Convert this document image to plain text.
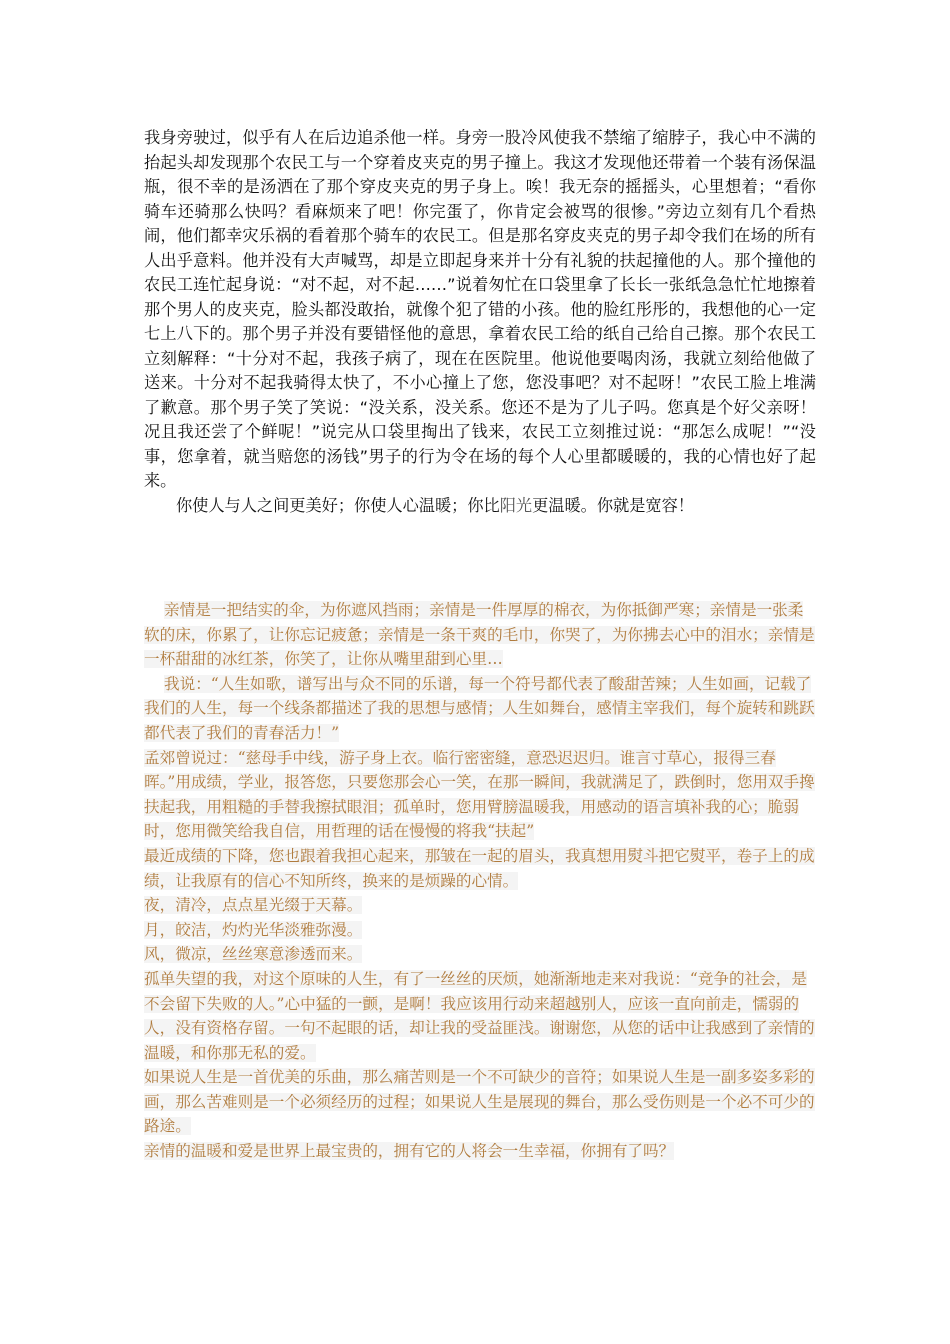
我身旁驶过，似乎有人在后边追杀他一样。身旁一股冷风使我不禁缩了缩脖子，我心中不满的抬起头却发现那个农民工与一个穿着皮夹克的男子撞上。我这才发现他还带着一个装有汤保温瓶，很不幸的是汤洒在了那个穿皮夹克的男子身上。唉！我无奈的摇摇头，心里想着；“看你骑车还骑那么快吗？看麻烦来了吧！你完蛋了，你肯定会被骂的很惨。”旁边立刻有几个看热闹，他们都幸灾乐祸的看着那个骑车的农民工。但是那名穿皮夹克的男子却令我们在场的所有人出乎意料。他并没有大声喊骂，却是立即起身来并十分有礼貌的扶起撞他的人。那个撞他的农民工连忙起身说：“对不起，对不起……”说着匆忙在口袋里拿了长长一张纸急急忙忙地擦着那个男人的皮夹克，脸头都没敢抬，就像个犯了错的小孩。他的脸红彤彤的，我想他的心一定七上八下的。那个男子并没有要错怪他的意思，拿着农民工给的纸自己给自己擦。那个农民工立刻解释：“十分对不起，我孩子病了，现在在医院里。他说他要喝肉汤，我就立刻给他做了送来。十分对不起我骑得太快了，不小心撞上了您，您没事吧？对不起呀！”农民工脸上堆满了歉意。那个男子笑了笑说：“没关系，没关系。您还不是为了儿子吗。您真是个好父亲呀！况且我还尝了个鲜呢！”说完从口袋里掏出了钱来，农民工立刻推过说：“那怎么成呢！”“没事，您拿着，就当赔您的汤钱”男子的行为令在场的每个人心里都暖暖的，我的心情也好了起来。

你使人与人之间更美好；你使人心温暖；你比阳光更温暖。你就是宽容！

亲情是一把结实的伞，为你遮风挡雨；亲情是一件厚厚的棉衣，为你抵御严寒；亲情是一张柔软的床，你累了，让你忘记疲惫；亲情是一条干爽的毛巾，你哭了，为你拂去心中的泪水；亲情是一杯甜甜的冰红茶，你笑了，让你从嘴里甜到心里…

我说：“人生如歌，谱写出与众不同的乐谱，每一个符号都代表了酸甜苦辣；人生如画，记载了我们的人生，每一个线条都描述了我的思想与感情；人生如舞台，感情主宰我们，每个旋转和跳跃都代表了我们的青春活力！”

孟郊曾说过：“慈母手中线，游子身上衣。临行密密缝，意恐迟迟归。谁言寸草心，报得三春晖。”用成绩，学业，报答您，只要您那会心一笑，在那一瞬间，我就满足了，跌倒时，您用双手搀扶起我，用粗糙的手替我擦拭眼泪；孤单时，您用臂膀温暖我，用感动的语言填补我的心；脆弱时，您用微笑给我自信，用哲理的话在慢慢的将我“扶起”

最近成绩的下降，您也跟着我担心起来，那皱在一起的眉头，我真想用熨斗把它熨平，卷子上的成绩，让我原有的信心不知所终，换来的是烦躁的心情。

夜，清冷，点点星光缀于天幕。

月，皎洁，灼灼光华淡雅弥漫。

风，微凉，丝丝寒意渗透而来。

孤单失望的我，对这个原味的人生，有了一丝丝的厌烦，她渐渐地走来对我说：“竞争的社会，是不会留下失败的人。”心中猛的一颤，是啊！我应该用行动来超越别人，应该一直向前走，懦弱的人，没有资格存留。一句不起眼的话，却让我的受益匪浅。谢谢您，从您的话中让我感到了亲情的温暖，和你那无私的爱。

如果说人生是一首优美的乐曲，那么痛苦则是一个不可缺少的音符；如果说人生是一副多姿多彩的画，那么苦难则是一个必须经历的过程；如果说人生是展现的舞台，那么受伤则是一个必不可少的路途。

亲情的温暖和爱是世界上最宝贵的，拥有它的人将会一生幸福，你拥有了吗？
